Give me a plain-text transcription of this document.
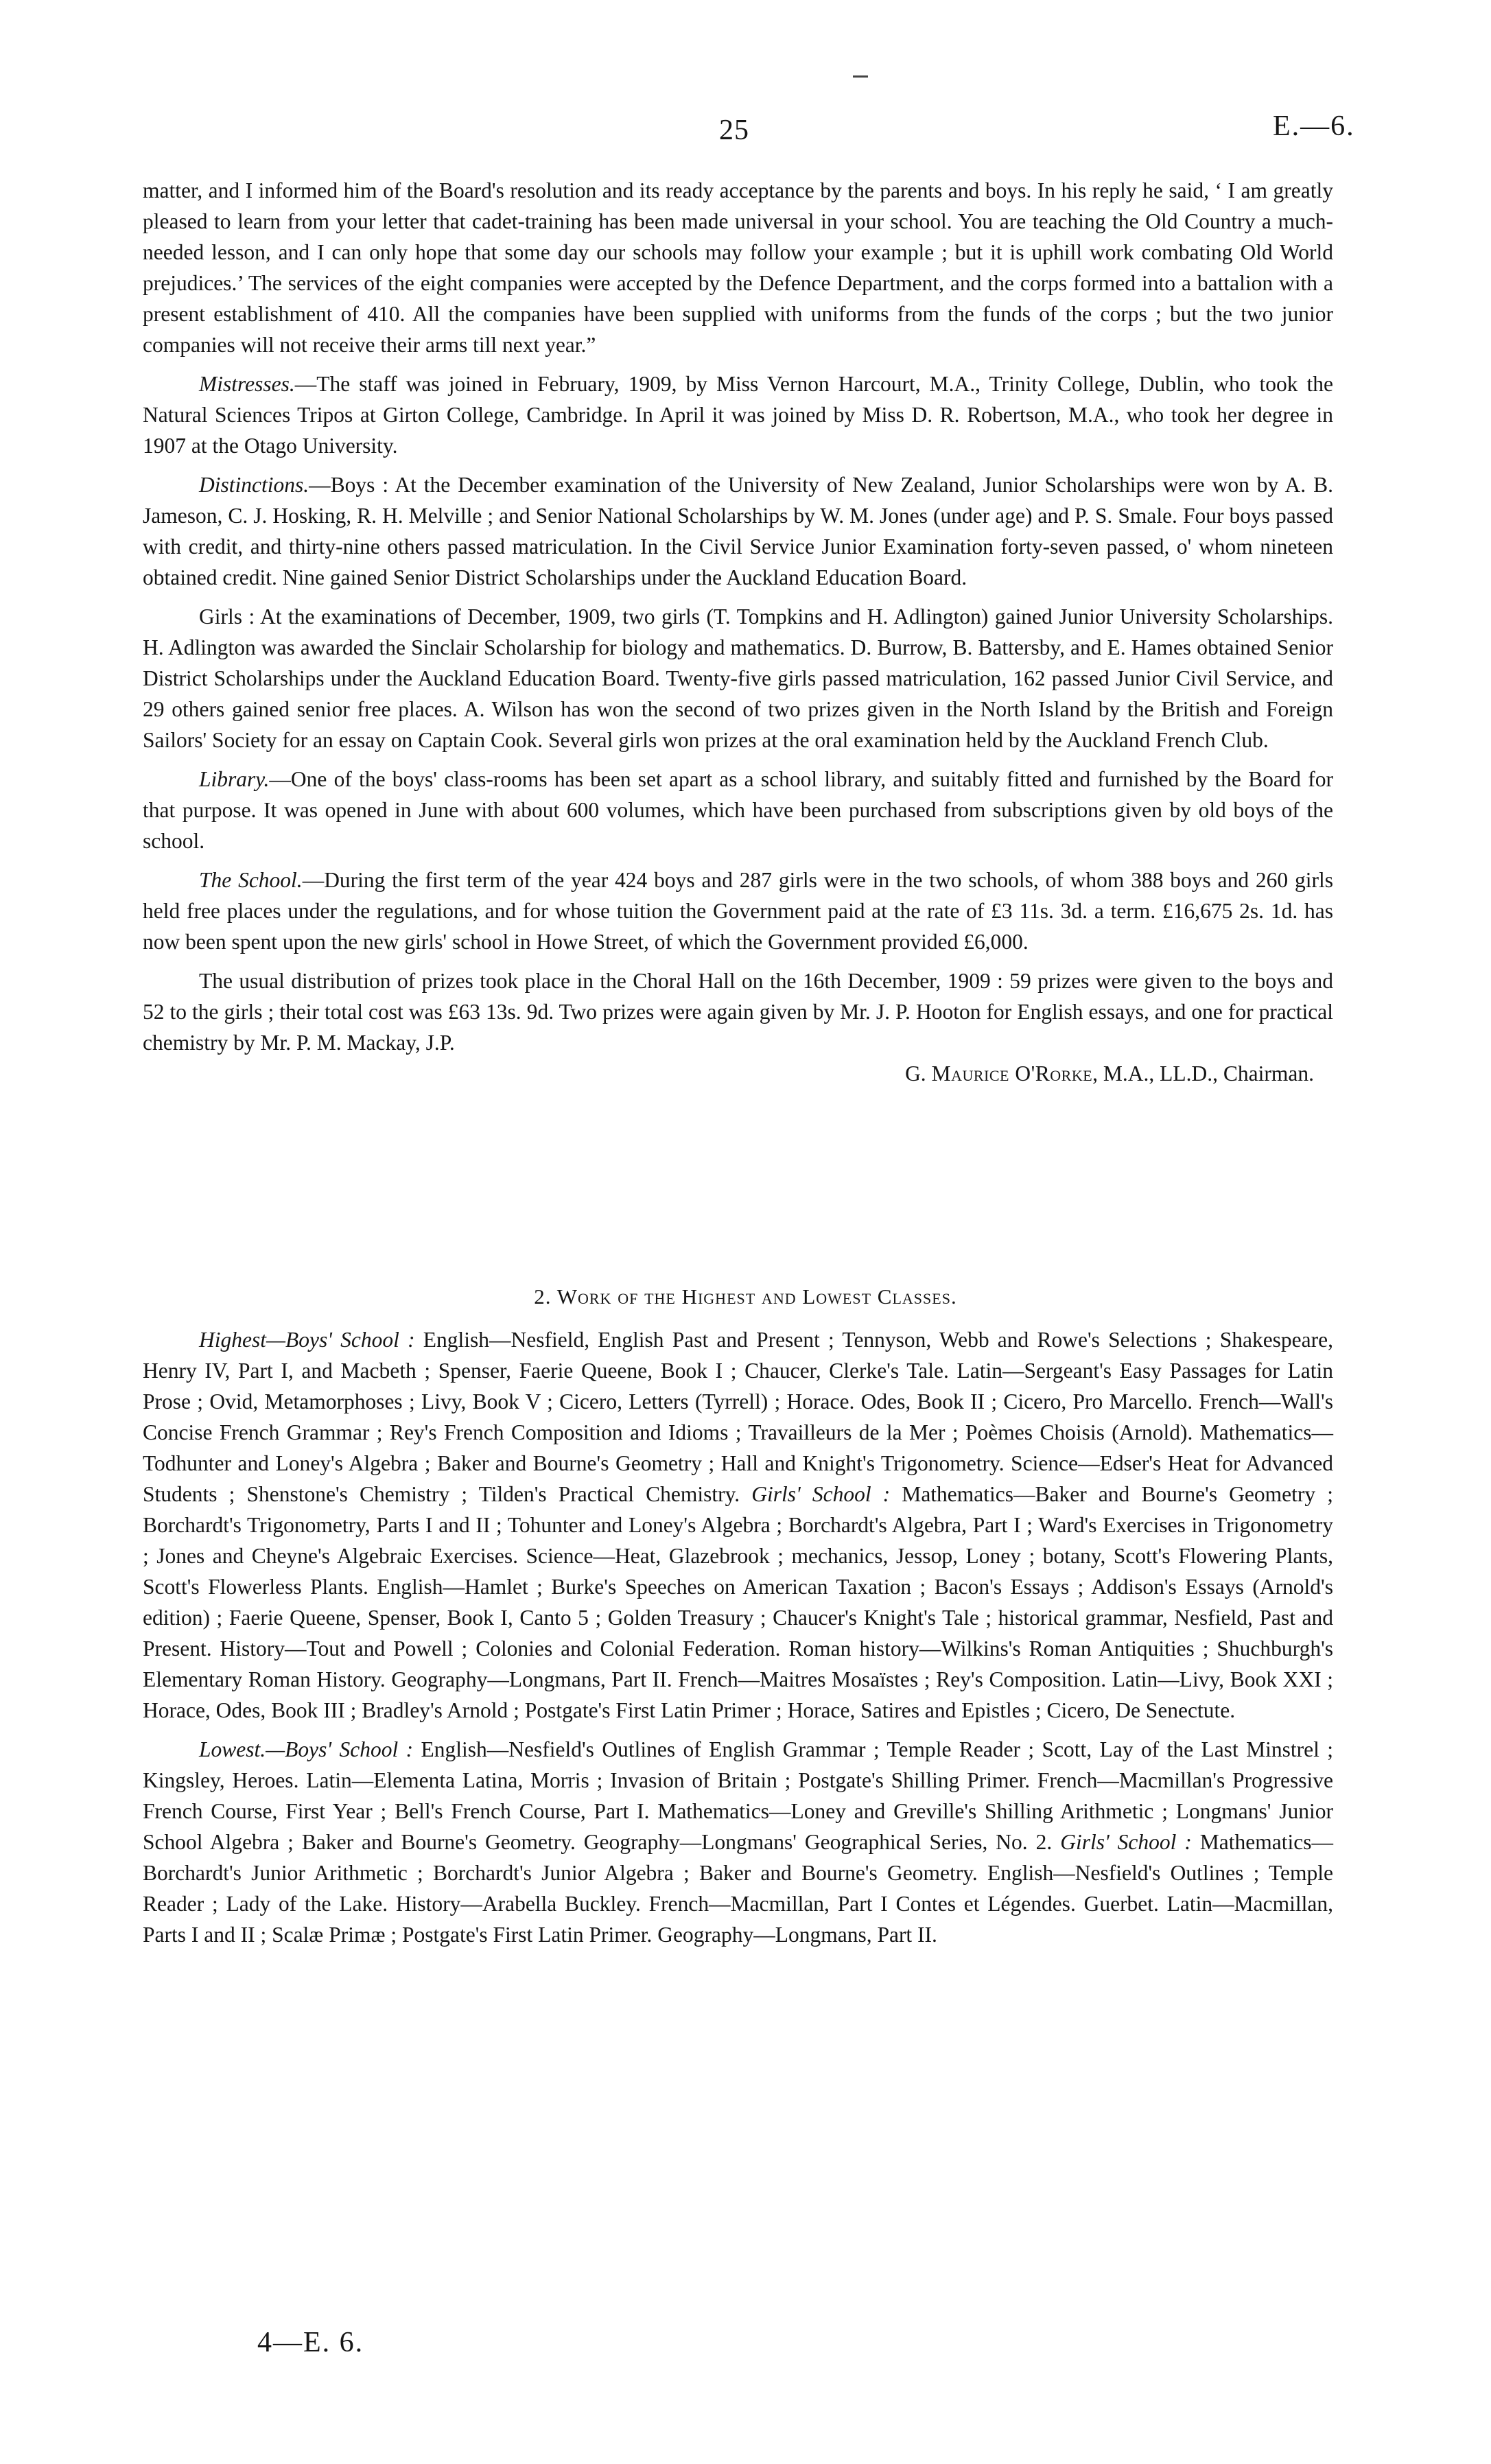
25	E.—6.

matter, and I informed him of the Board's resolution and its ready acceptance by the parents and boys. In his reply he said, ‘ I am greatly pleased to learn from your letter that cadet-training has been made universal in your school. You are teaching the Old Country a much-needed lesson, and I can only hope that some day our schools may follow your example ; but it is uphill work combating Old World prejudices.’ The services of the eight companies were accepted by the Defence Department, and the corps formed into a battalion with a present establishment of 410. All the companies have been supplied with uniforms from the funds of the corps ; but the two junior companies will not receive their arms till next year.”

Mistresses.—The staff was joined in February, 1909, by Miss Vernon Harcourt, M.A., Trinity College, Dublin, who took the Natural Sciences Tripos at Girton College, Cambridge. In April it was joined by Miss D. R. Robertson, M.A., who took her degree in 1907 at the Otago University.

Distinctions.—Boys : At the December examination of the University of New Zealand, Junior Scholarships were won by A. B. Jameson, C. J. Hosking, R. H. Melville ; and Senior National Scholarships by W. M. Jones (under age) and P. S. Smale. Four boys passed with credit, and thirty-nine others passed matriculation. In the Civil Service Junior Examination forty-seven passed, o' whom nineteen obtained credit. Nine gained Senior District Scholarships under the Auckland Education Board.

Girls : At the examinations of December, 1909, two girls (T. Tompkins and H. Adlington) gained Junior University Scholarships. H. Adlington was awarded the Sinclair Scholarship for biology and mathematics. D. Burrow, B. Battersby, and E. Hames obtained Senior District Scholarships under the Auckland Education Board. Twenty-five girls passed matriculation, 162 passed Junior Civil Service, and 29 others gained senior free places. A. Wilson has won the second of two prizes given in the North Island by the British and Foreign Sailors' Society for an essay on Captain Cook. Several girls won prizes at the oral examination held by the Auckland French Club.

Library.—One of the boys' class-rooms has been set apart as a school library, and suitably fitted and furnished by the Board for that purpose. It was opened in June with about 600 volumes, which have been purchased from subscriptions given by old boys of the school.

The School.—During the first term of the year 424 boys and 287 girls were in the two schools, of whom 388 boys and 260 girls held free places under the regulations, and for whose tuition the Government paid at the rate of £3 11s. 3d. a term. £16,675 2s. 1d. has now been spent upon the new girls' school in Howe Street, of which the Government provided £6,000.

The usual distribution of prizes took place in the Choral Hall on the 16th December, 1909 : 59 prizes were given to the boys and 52 to the girls ; their total cost was £63 13s. 9d. Two prizes were again given by Mr. J. P. Hooton for English essays, and one for practical chemistry by Mr. P. M. Mackay, J.P.

G. Maurice O'Rorke, M.A., LL.D., Chairman.
2. Work of the Highest and Lowest Classes.

Highest—Boys' School : English—Nesfield, English Past and Present ; Tennyson, Webb and Rowe's Selections ; Shakespeare, Henry IV, Part I, and Macbeth ; Spenser, Faerie Queene, Book I ; Chaucer, Clerke's Tale. Latin—Sergeant's Easy Passages for Latin Prose ; Ovid, Metamorphoses ; Livy, Book V ; Cicero, Letters (Tyrrell) ; Horace. Odes, Book II ; Cicero, Pro Marcello. French—Wall's Concise French Grammar ; Rey's French Composition and Idioms ; Travailleurs de la Mer ; Poèmes Choisis (Arnold). Mathematics—Todhunter and Loney's Algebra ; Baker and Bourne's Geometry ; Hall and Knight's Trigonometry. Science—Edser's Heat for Advanced Students ; Shenstone's Chemistry ; Tilden's Practical Chemistry. Girls' School : Mathematics—Baker and Bourne's Geometry ; Borchardt's Trigonometry, Parts I and II ; Tohunter and Loney's Algebra ; Borchardt's Algebra, Part I ; Ward's Exercises in Trigonometry ; Jones and Cheyne's Algebraic Exercises. Science—Heat, Glazebrook ; mechanics, Jessop, Loney ; botany, Scott's Flowering Plants, Scott's Flowerless Plants. English—Hamlet ; Burke's Speeches on American Taxation ; Bacon's Essays ; Addison's Essays (Arnold's edition) ; Faerie Queene, Spenser, Book I, Canto 5 ; Golden Treasury ; Chaucer's Knight's Tale ; historical grammar, Nesfield, Past and Present. History—Tout and Powell ; Colonies and Colonial Federation. Roman history—Wilkins's Roman Antiquities ; Shuchburgh's Elementary Roman History. Geography—Longmans, Part II. French—Maitres Mosaïstes ; Rey's Composition. Latin—Livy, Book XXI ; Horace, Odes, Book III ; Bradley's Arnold ; Postgate's First Latin Primer ; Horace, Satires and Epistles ; Cicero, De Senectute.

Lowest.—Boys' School : English—Nesfield's Outlines of English Grammar ; Temple Reader ; Scott, Lay of the Last Minstrel ; Kingsley, Heroes. Latin—Elementa Latina, Morris ; Invasion of Britain ; Postgate's Shilling Primer. French—Macmillan's Progressive French Course, First Year ; Bell's French Course, Part I. Mathematics—Loney and Greville's Shilling Arithmetic ; Longmans' Junior School Algebra ; Baker and Bourne's Geometry. Geography—Longmans' Geographical Series, No. 2. Girls' School : Mathematics—Borchardt's Junior Arithmetic ; Borchardt's Junior Algebra ; Baker and Bourne's Geometry. English—Nesfield's Outlines ; Temple Reader ; Lady of the Lake. History—Arabella Buckley. French—Macmillan, Part I Contes et Légendes. Guerbet. Latin—Macmillan, Parts I and II ; Scalæ Primæ ; Postgate's First Latin Primer. Geography—Longmans, Part II.

4—E. 6.
